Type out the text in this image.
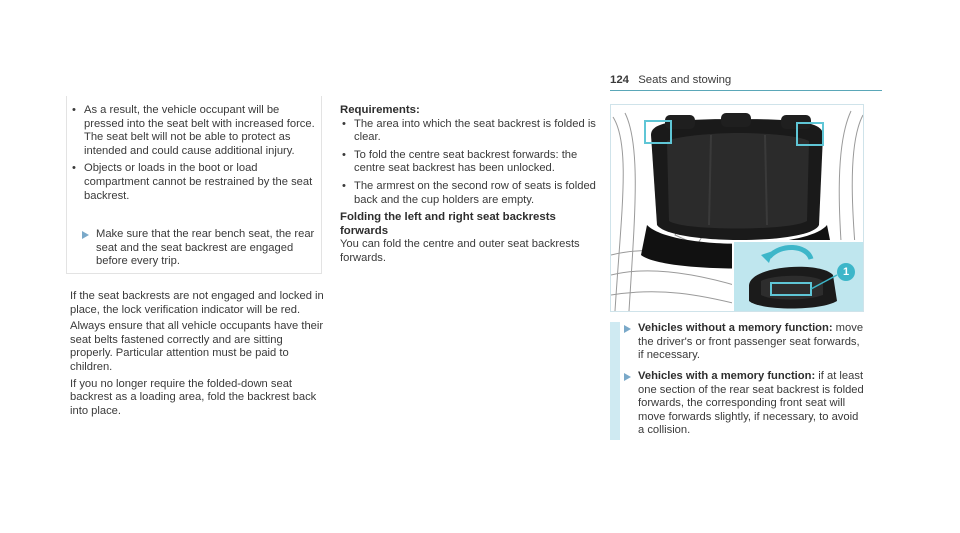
124 Seats and stowing
• As a result, the vehicle occupant will be pressed into the seat belt with increased force. The seat belt will not be able to protect as intended and could cause additional injury.
• Objects or loads in the boot or load compartment cannot be restrained by the seat backrest.
Make sure that the rear bench seat, the rear seat and the seat backrest are engaged before every trip.

If the seat backrests are not engaged and locked in place, the lock verification indicator will be red.

Always ensure that all vehicle occupants have their seat belts fastened correctly and are sitting properly. Particular attention must be paid to children.

If you no longer require the folded-down seat backrest as a loading area, fold the backrest back into place.

Requirements:
• The area into which the seat backrest is folded is clear.
• To fold the centre seat backrest forwards: the centre seat backrest has been unlocked.
• The armrest on the second row of seats is folded back and the cup holders are empty.
Folding the left and right seat backrests forwards

You can fold the centre and outer seat backrests forwards.

1
Vehicles without a memory function: move the driver's or front passenger seat forwards, if necessary.
Vehicles with a memory function: if at least one section of the rear seat backrest is folded forwards, the corresponding front seat will move forwards slightly, if necessary, to avoid a collision.
